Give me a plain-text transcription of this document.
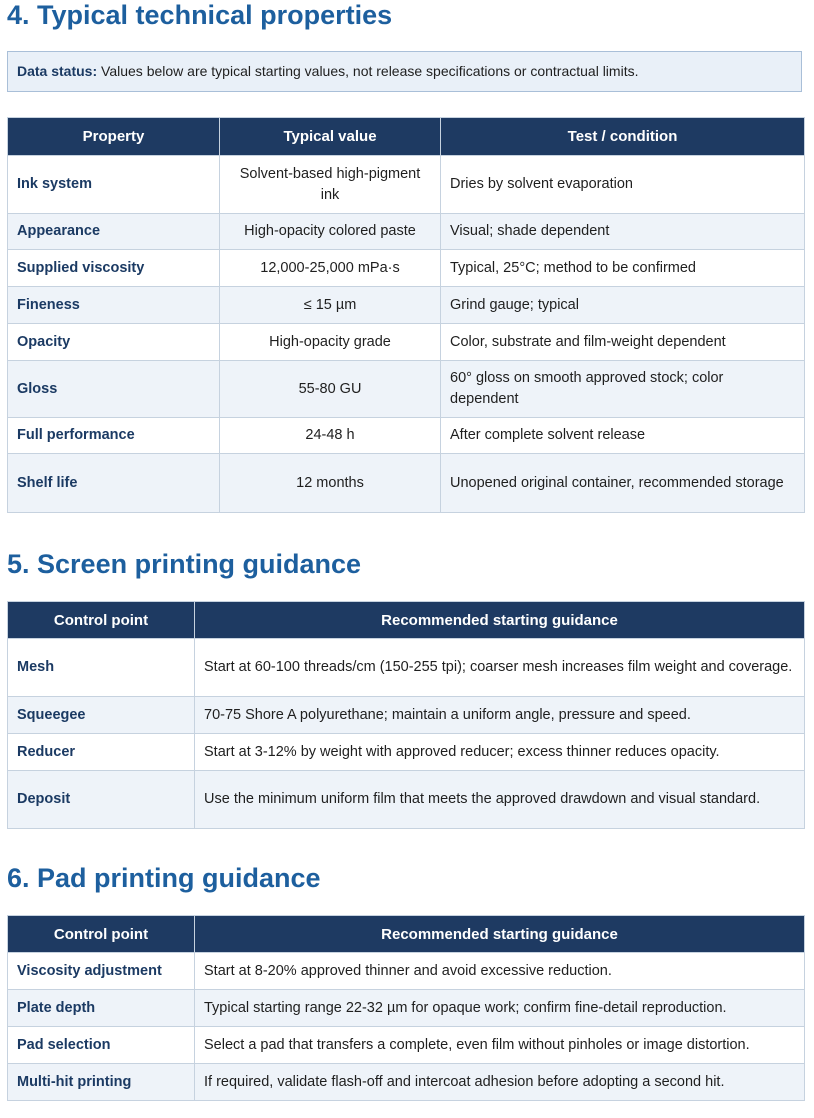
4. Typical technical properties
Data status: Values below are typical starting values, not release specifications or contractual limits.
Property	Typical value	Test / condition
Ink system	Solvent-based high-pigment ink	Dries by solvent evaporation
Appearance	High-opacity colored paste	Visual; shade dependent
Supplied viscosity	12,000-25,000 mPa·s	Typical, 25°C; method to be confirmed
Fineness	≤ 15 µm	Grind gauge; typical
Opacity	High-opacity grade	Color, substrate and film-weight dependent
Gloss	55-80 GU	60° gloss on smooth approved stock; color dependent
Full performance	24-48 h	After complete solvent release
Shelf life	12 months	Unopened original container, recommended storage
5. Screen printing guidance
Control point	Recommended starting guidance
Mesh	Start at 60-100 threads/cm (150-255 tpi); coarser mesh increases film weight and coverage.
Squeegee	70-75 Shore A polyurethane; maintain a uniform angle, pressure and speed.
Reducer	Start at 3-12% by weight with approved reducer; excess thinner reduces opacity.
Deposit	Use the minimum uniform film that meets the approved drawdown and visual standard.
6. Pad printing guidance
Control point	Recommended starting guidance
Viscosity adjustment	Start at 8-20% approved thinner and avoid excessive reduction.
Plate depth	Typical starting range 22-32 µm for opaque work; confirm fine-detail reproduction.
Pad selection	Select a pad that transfers a complete, even film without pinholes or image distortion.
Multi-hit printing	If required, validate flash-off and intercoat adhesion before adopting a second hit.
